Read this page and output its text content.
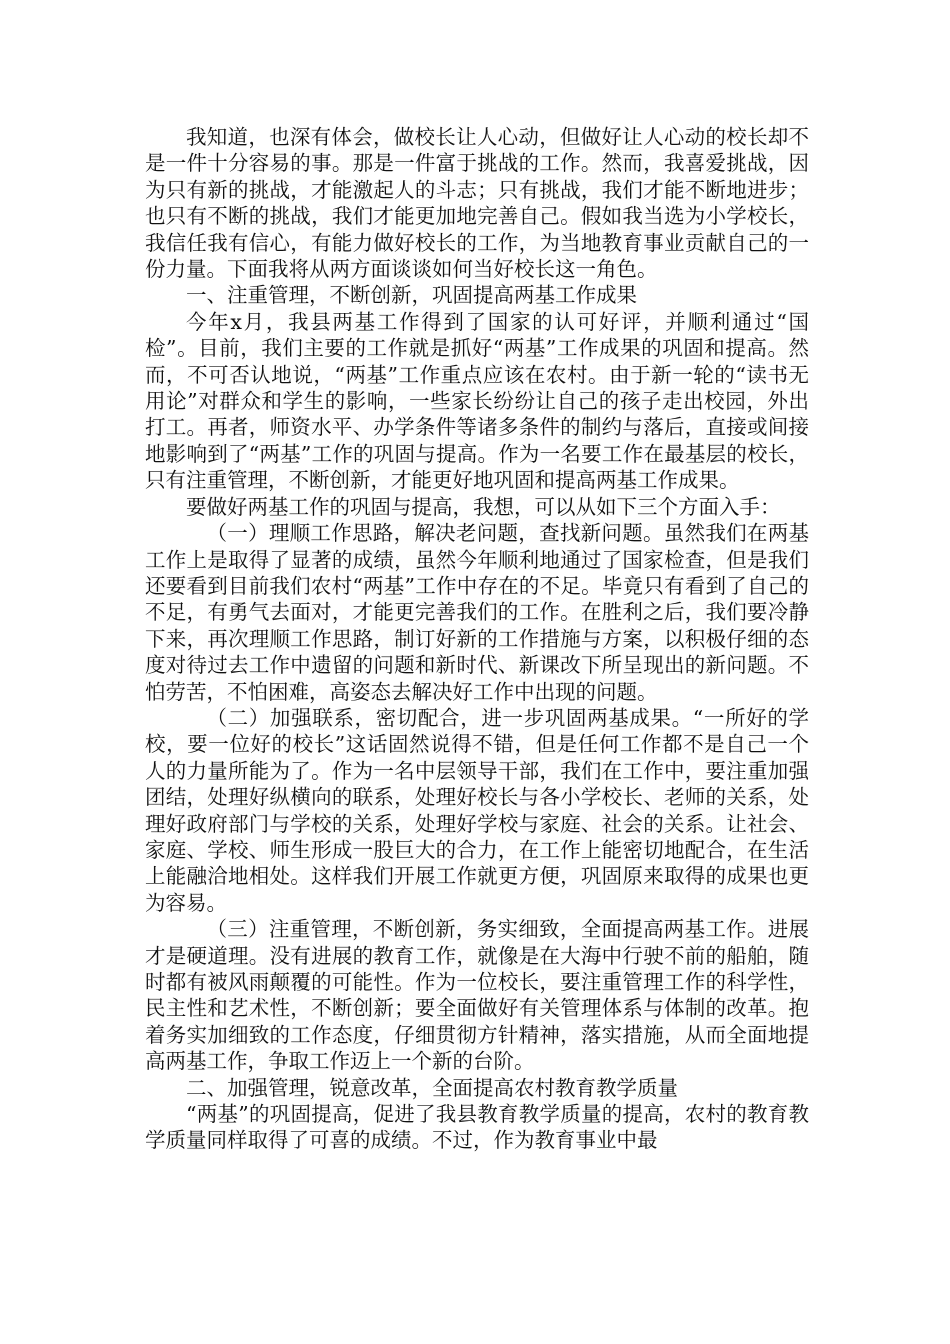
我知道，也深有体会，做校长让人心动，但做好让人心动的校长却不是一件十分容易的事。那是一件富于挑战的工作。然而，我喜爱挑战，因为只有新的挑战，才能激起人的斗志；只有挑战，我们才能不断地进步；也只有不断的挑战，我们才能更加地完善自己。假如我当选为小学校长，我信任我有信心，有能力做好校长的工作，为当地教育事业贡献自己的一份力量。下面我将从两方面谈谈如何当好校长这一角色。

一、注重管理，不断创新，巩固提高两基工作成果

今年x月，我县两基工作得到了国家的认可好评，并顺利通过“国检”。目前，我们主要的工作就是抓好“两基”工作成果的巩固和提高。然而，不可否认地说，“两基”工作重点应该在农村。由于新一轮的“读书无用论”对群众和学生的影响，一些家长纷纷让自己的孩子走出校园，外出打工。再者，师资水平、办学条件等诸多条件的制约与落后，直接或间接地影响到了“两基”工作的巩固与提高。作为一名要工作在最基层的校长，只有注重管理，不断创新，才能更好地巩固和提高两基工作成果。

要做好两基工作的巩固与提高，我想，可以从如下三个方面入手：

（一）理顺工作思路，解决老问题，查找新问题。虽然我们在两基工作上是取得了显著的成绩，虽然今年顺利地通过了国家检查，但是我们还要看到目前我们农村“两基”工作中存在的不足。毕竟只有看到了自己的不足，有勇气去面对，才能更完善我们的工作。在胜利之后，我们要冷静下来，再次理顺工作思路，制订好新的工作措施与方案，以积极仔细的态度对待过去工作中遗留的问题和新时代、新课改下所呈现出的新问题。不怕劳苦，不怕困难，高姿态去解决好工作中出现的问题。

（二）加强联系，密切配合，进一步巩固两基成果。“一所好的学校，要一位好的校长”这话固然说得不错，但是任何工作都不是自己一个人的力量所能为了。作为一名中层领导干部，我们在工作中，要注重加强团结，处理好纵横向的联系，处理好校长与各小学校长、老师的关系，处理好政府部门与学校的关系，处理好学校与家庭、社会的关系。让社会、家庭、学校、师生形成一股巨大的合力，在工作上能密切地配合，在生活上能融洽地相处。这样我们开展工作就更方便，巩固原来取得的成果也更为容易。

（三）注重管理，不断创新，务实细致，全面提高两基工作。进展才是硬道理。没有进展的教育工作，就像是在大海中行驶不前的船舶，随时都有被风雨颠覆的可能性。作为一位校长，要注重管理工作的科学性，民主性和艺术性，不断创新；要全面做好有关管理体系与体制的改革。抱着务实加细致的工作态度，仔细贯彻方针精神，落实措施，从而全面地提高两基工作，争取工作迈上一个新的台阶。

二、加强管理，锐意改革，全面提高农村教育教学质量

“两基”的巩固提高，促进了我县教育教学质量的提高，农村的教育教学质量同样取得了可喜的成绩。不过，作为教育事业中最
